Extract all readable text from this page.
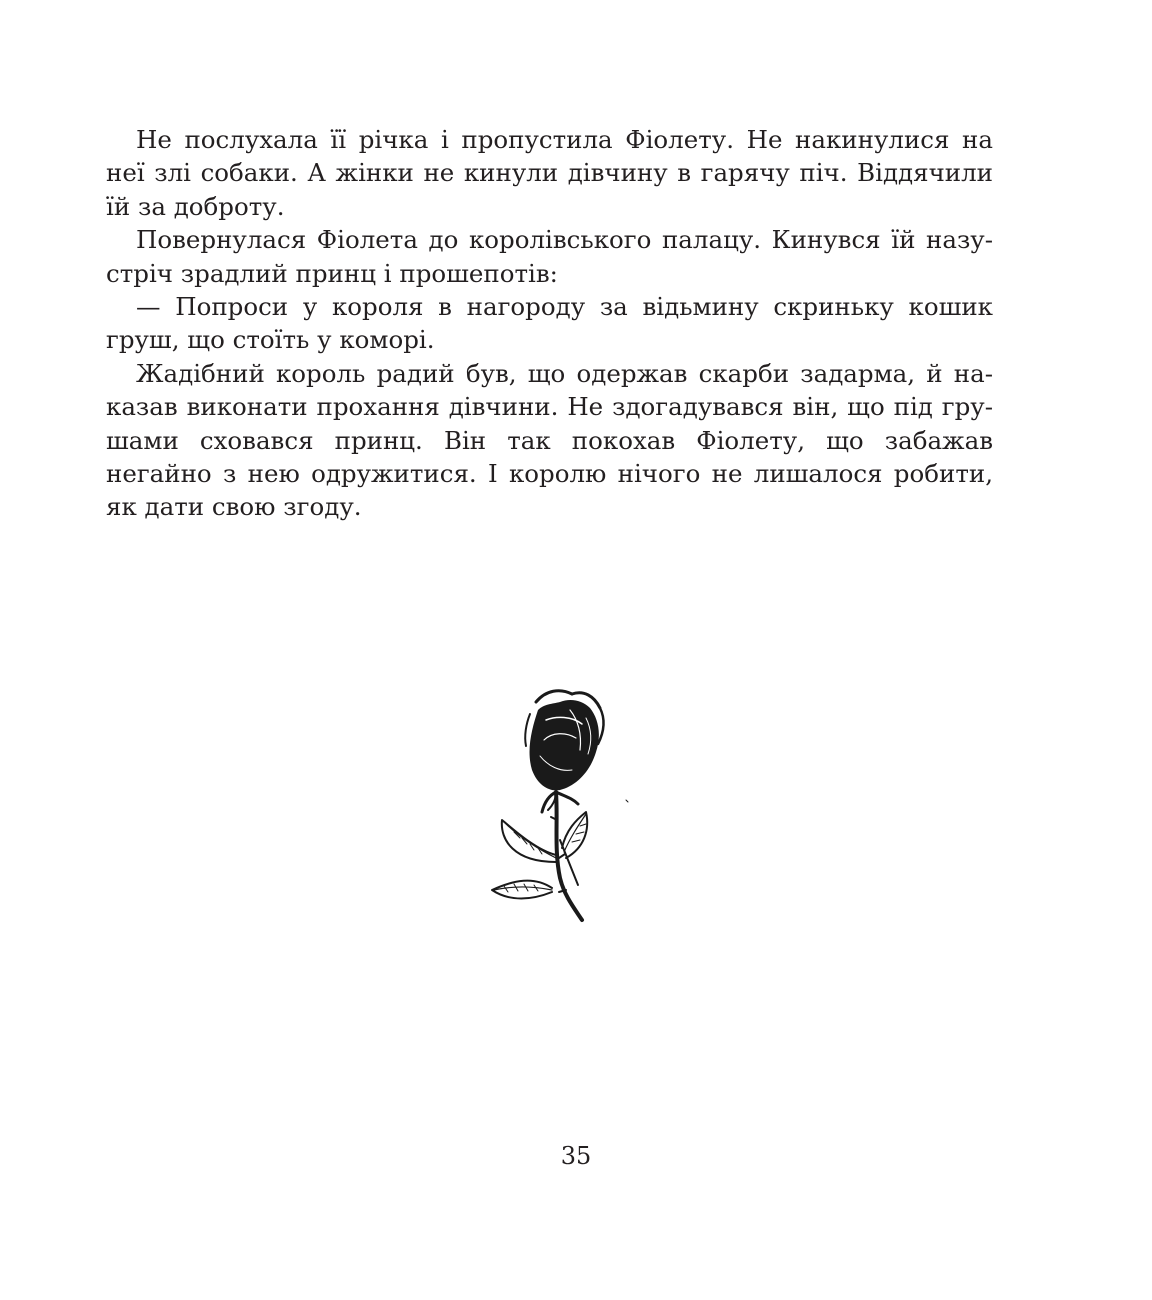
Не послухала її річка і пропустила Фіолету. Не накинулися на неї злі собаки. А жінки не кинули дівчину в гарячу піч. Віддячили їй за доброту.

Повернулася Фіолета до королівського палацу. Кинувся їй назустріч зрадлий принц і прошепотів:

— Попроси у короля в нагороду за відьмину скриньку кошик груш, що стоїть у коморі.

Жадібний король радий був, що одержав скарби задарма, й наказав виконати прохання дівчини. Не здогадувався він, що під грушами сховався принц. Він так покохав Фіолету, що забажав негайно з нею одружитися. І королю нічого не лишалося робити, як дати свою згоду.

35
